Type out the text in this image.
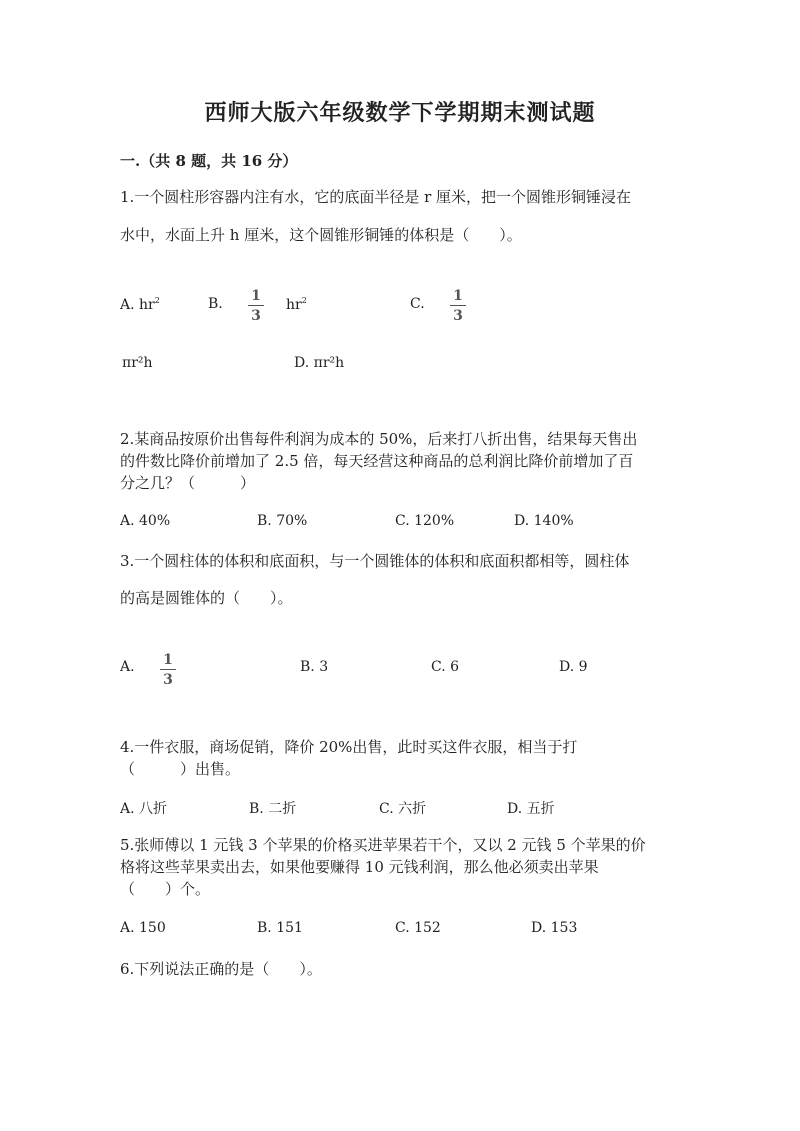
西师大版六年级数学下学期期末测试题
一.（共 8 题，共 16 分）
1.一个圆柱形容器内注有水，它的底面半径是 r 厘米，把一个圆锥形铜锤浸在
水中，水面上升 h 厘米，这个圆锥形铜锤的体积是（　　）。
A. $hr^2$	B. 1
3
$hr^2$	C. 1
3
πr²h	D. πr²h
2.某商品按原价出售每件利润为成本的 50%，后来打八折出售，结果每天售出
的件数比降价前增加了 2.5 倍，每天经营这种商品的总利润比降价前增加了百
分之几？（　　　）
A. 40%	B. 70%	C. 120%	D. 140%
3.一个圆柱体的体积和底面积，与一个圆锥体的体积和底面积都相等，圆柱体
的高是圆锥体的（　　）。
A. 1
3
B. 3	C. 6	D. 9
4.一件衣服，商场促销，降价 20%出售，此时买这件衣服，相当于打
（　　　）出售。
A. 八折	B. 二折	C. 六折	D. 五折
5.张师傅以 1 元钱 3 个苹果的价格买进苹果若干个，又以 2 元钱 5 个苹果的价
格将这些苹果卖出去，如果他要赚得 10 元钱利润，那么他必须卖出苹果
（　　）个。
A. 150	B. 151	C. 152	D. 153
6.下列说法正确的是（　　）。
